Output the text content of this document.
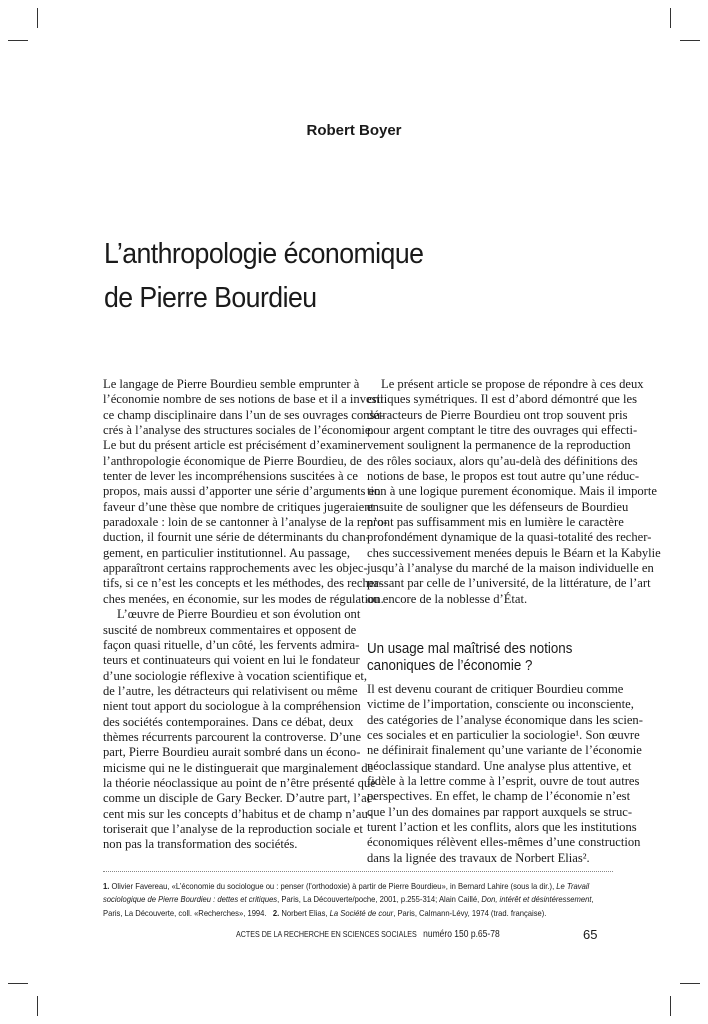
Robert Boyer
L’anthropologie économique
de Pierre Bourdieu
Le langage de Pierre Bourdieu semble emprunter à
l’économie nombre de ses notions de base et il a investi
ce champ disciplinaire dans l’un de ses ouvrages consa-
crés à l’analyse des structures sociales de l’économie.
Le but du présent article est précisément d’examiner
l’anthropologie économique de Pierre Bourdieu, de
tenter de lever les incompréhensions suscitées à ce
propos, mais aussi d’apporter une série d’arguments en
faveur d’une thèse que nombre de critiques jugeraient
paradoxale : loin de se cantonner à l’analyse de la repro-
duction, il fournit une série de déterminants du chan-
gement, en particulier institutionnel. Au passage,
apparaîtront certains rapprochements avec les objec-
tifs, si ce n’est les concepts et les méthodes, des recher-
ches menées, en économie, sur les modes de régulation.
L’œuvre de Pierre Bourdieu et son évolution ont
suscité de nombreux commentaires et opposent de
façon quasi rituelle, d’un côté, les fervents admira-
teurs et continuateurs qui voient en lui le fondateur
d’une sociologie réflexive à vocation scientifique et,
de l’autre, les détracteurs qui relativisent ou même
nient tout apport du sociologue à la compréhension
des sociétés contemporaines. Dans ce débat, deux
thèmes récurrents parcourent la controverse. D’une
part, Pierre Bourdieu aurait sombré dans un écono-
micisme qui ne le distinguerait que marginalement de
la théorie néoclassique au point de n’être présenté que
comme un disciple de Gary Becker. D’autre part, l’ac-
cent mis sur les concepts d’habitus et de champ n’au-
toriserait que l’analyse de la reproduction sociale et
non pas la transformation des sociétés.
Le présent article se propose de répondre à ces deux
critiques symétriques. Il est d’abord démontré que les
détracteurs de Pierre Bourdieu ont trop souvent pris
pour argent comptant le titre des ouvrages qui effecti-
vement soulignent la permanence de la reproduction
des rôles sociaux, alors qu’au-delà des définitions des
notions de base, le propos est tout autre qu’une réduc-
tion à une logique purement économique. Mais il importe
ensuite de souligner que les défenseurs de Bourdieu
n’ont pas suffisamment mis en lumière le caractère
profondément dynamique de la quasi-totalité des recher-
ches successivement menées depuis le Béarn et la Kabylie
jusqu’à l’analyse du marché de la maison individuelle en
passant par celle de l’université, de la littérature, de l’art
ou encore de la noblesse d’État.
Un usage mal maîtrisé des notions
canoniques de l’économie ?
Il est devenu courant de critiquer Bourdieu comme
victime de l’importation, consciente ou inconsciente,
des catégories de l’analyse économique dans les scien-
ces sociales et en particulier la sociologie¹. Son œuvre
ne définirait finalement qu’une variante de l’économie
néoclassique standard. Une analyse plus attentive, et
fidèle à la lettre comme à l’esprit, ouvre de tout autres
perspectives. En effet, le champ de l’économie n’est
que l’un des domaines par rapport auxquels se struc-
turent l’action et les conflits, alors que les institutions
économiques rélèvent elles-mêmes d’une construction
dans la lignée des travaux de Norbert Elias².
1. Olivier Favereau, «L’économie du sociologue ou : penser (l’orthodoxie) à partir de Pierre Bourdieu», in Bernard Lahire (sous la dir.), Le Travail sociologique de Pierre Bourdieu : dettes et critiques, Paris, La Découverte/poche, 2001, p.255-314; Alain Caillé, Don, intérêt et désintéressement, Paris, La Découverte, coll. «Recherches», 1994. 2. Norbert Elias, La Société de cour, Paris, Calmann-Lévy, 1974 (trad. française).
ACTES DE LA RECHERCHE EN SCIENCES SOCIALES numéro 150 p.65-78	65
